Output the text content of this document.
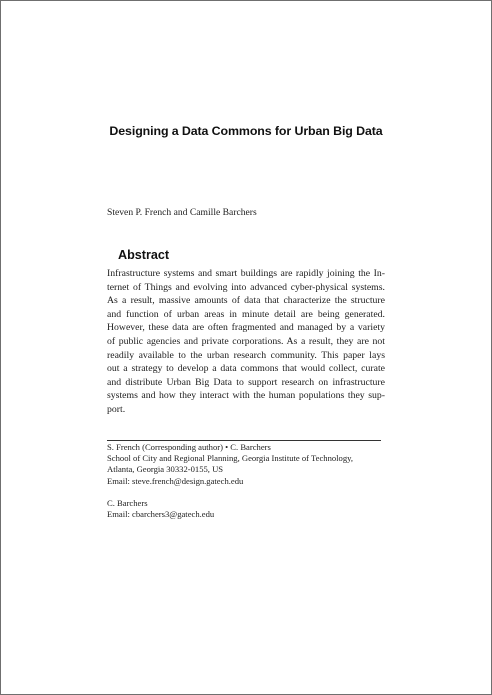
Designing a Data Commons for Urban Big Data
Steven P. French and Camille Barchers
Abstract
Infrastructure systems and smart buildings are rapidly joining the In-
ternet of Things and evolving into advanced cyber-physical systems.
As a result, massive amounts of data that characterize the structure
and function of urban areas in minute detail are being generated.
However, these data are often fragmented and managed by a variety
of public agencies and private corporations. As a result, they are not
readily available to the urban research community. This paper lays
out a strategy to develop a data commons that would collect, curate
and distribute Urban Big Data to support research on infrastructure
systems and how they interact with the human populations they sup-
port.
S. French (Corresponding author) • C. Barchers
School of City and Regional Planning, Georgia Institute of Technology,
Atlanta, Georgia 30332-0155, US
Email: steve.french@design.gatech.edu
C. Barchers
Email: cbarchers3@gatech.edu
